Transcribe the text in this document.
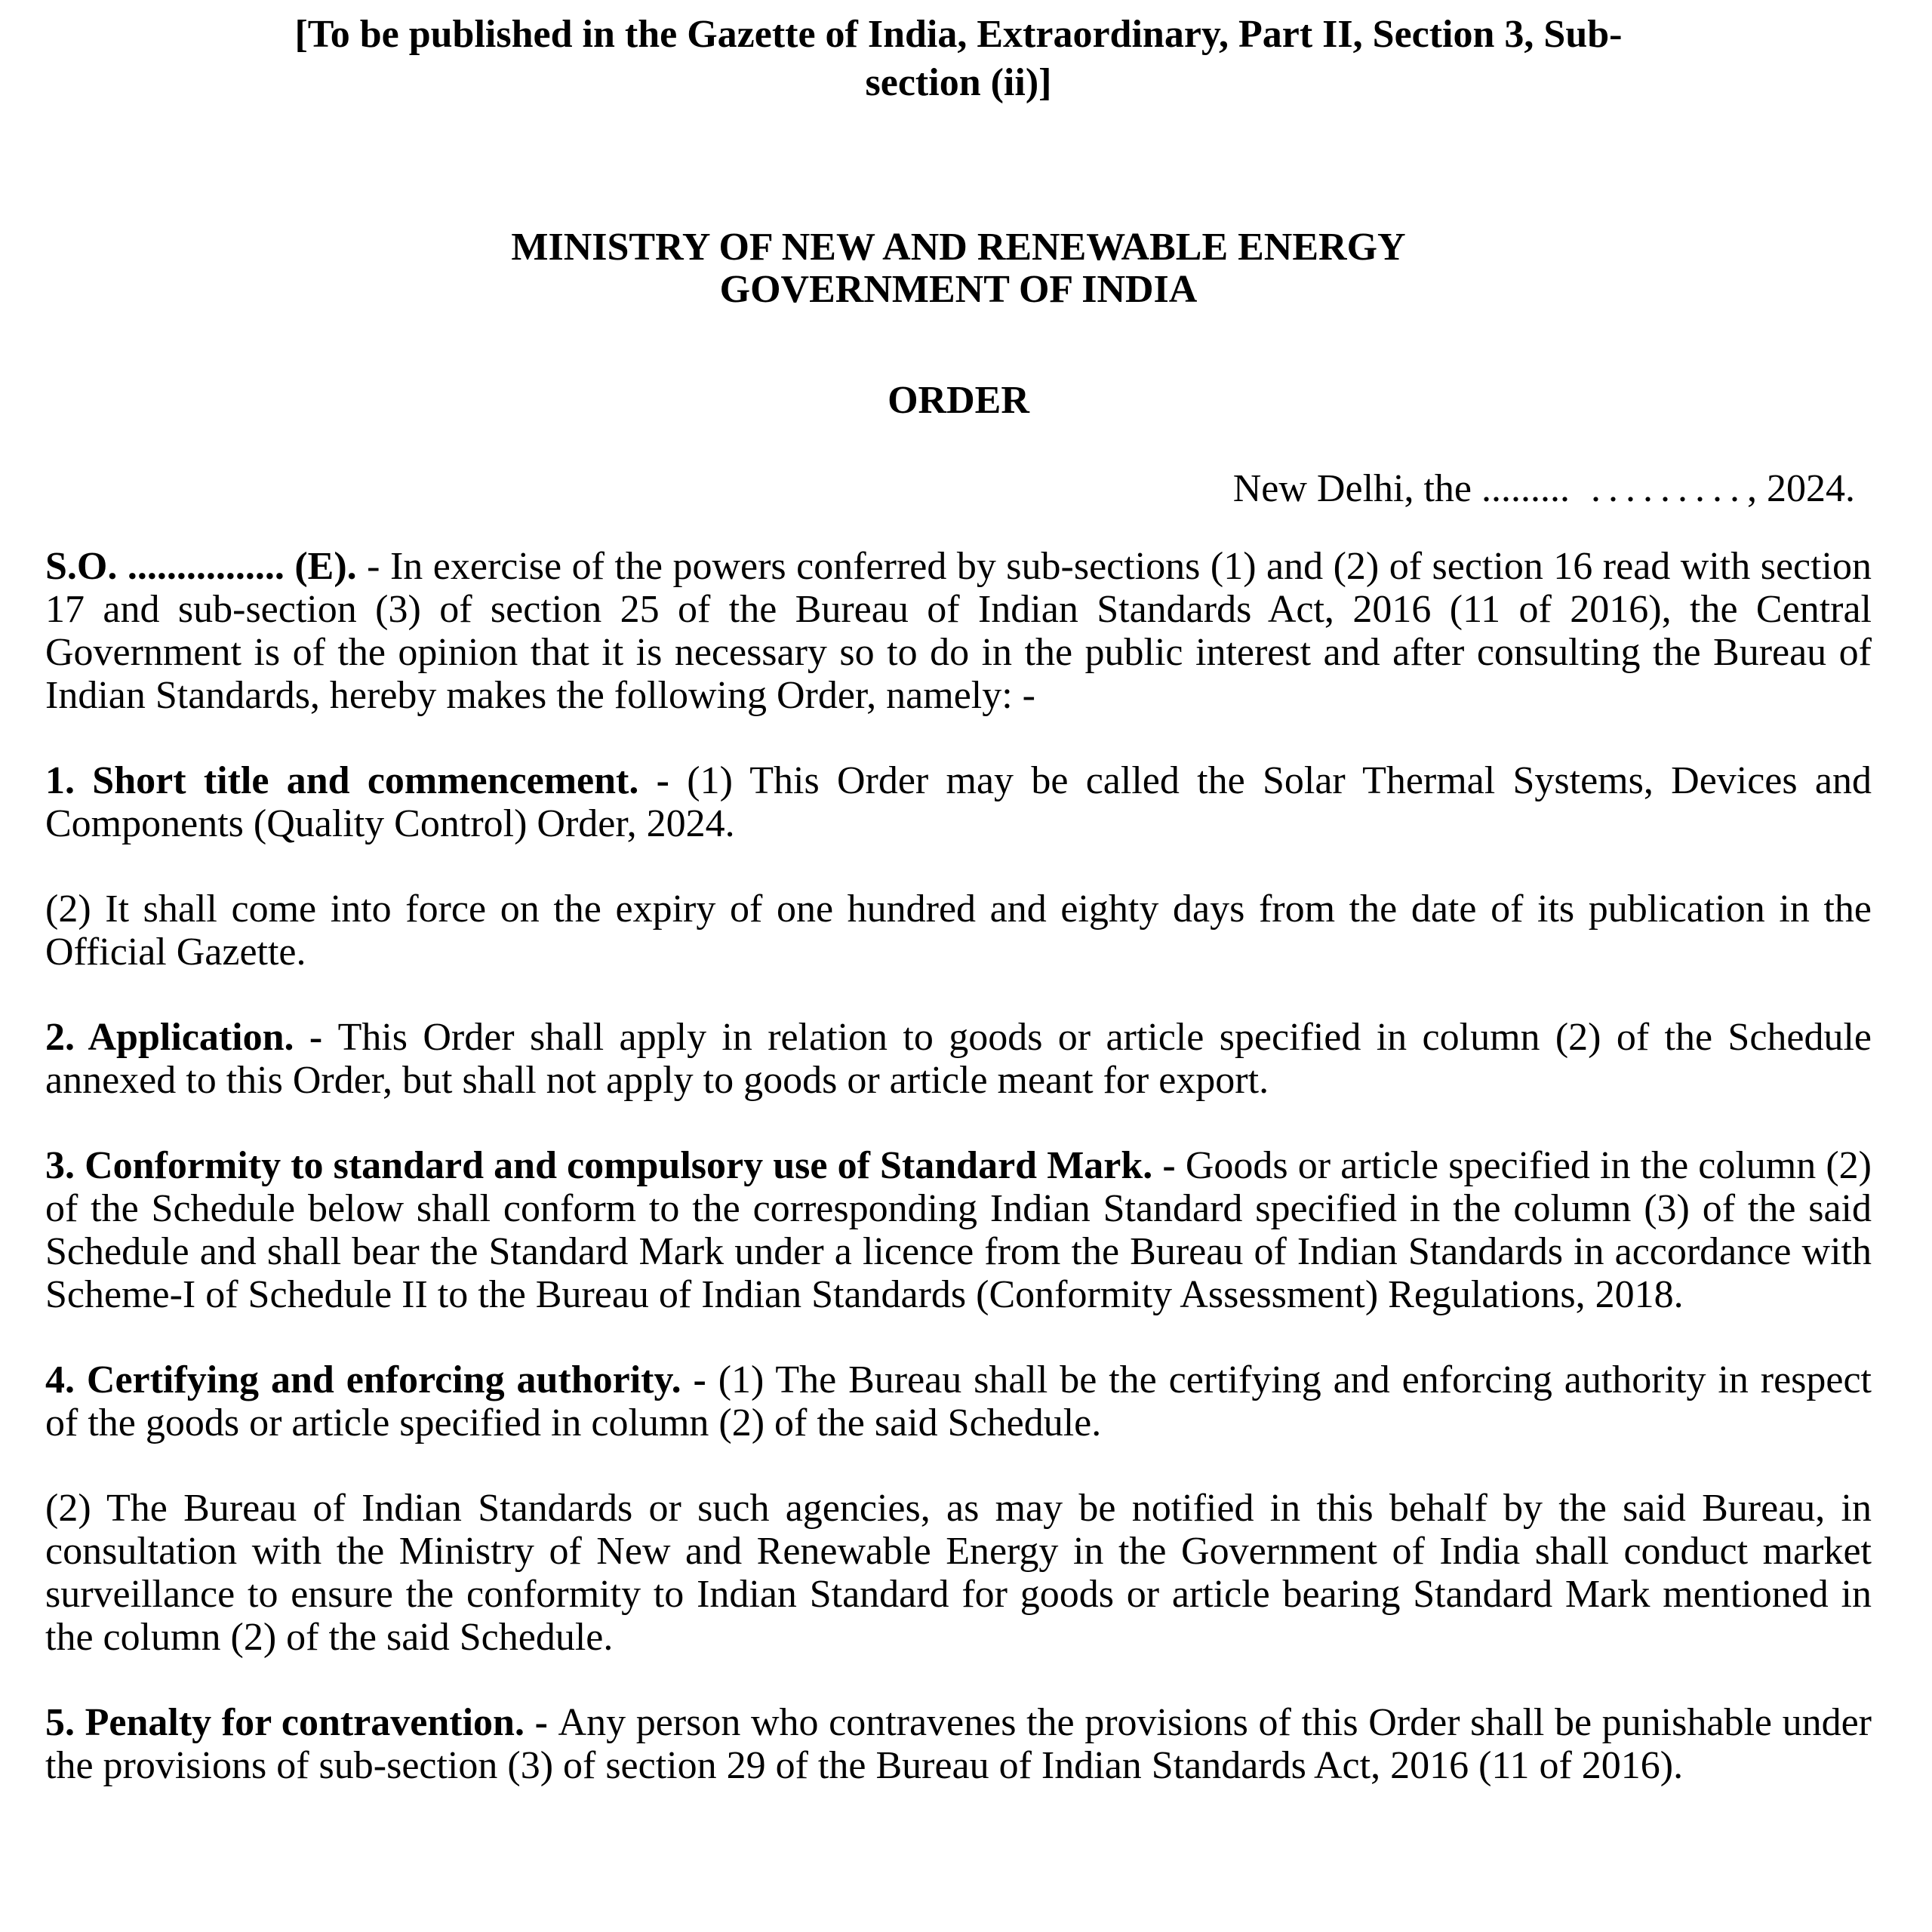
[To be published in the Gazette of India, Extraordinary, Part II, Section 3, Sub-
section (ii)]

MINISTRY OF NEW AND RENEWABLE ENERGY
GOVERNMENT OF INDIA
ORDER
New Delhi, the ......... ........., 2024.

S.O. ................ (E). - In exercise of the powers conferred by sub-sections (1) and (2) of section 16 read with section 17 and sub-section (3) of section 25 of the Bureau of Indian Standards Act, 2016 (11 of 2016), the Central Government is of the opinion that it is necessary so to do in the public interest and after consulting the Bureau of Indian Standards, hereby makes the following Order, namely: -

1. Short title and commencement. - (1) This Order may be called the Solar Thermal Systems, Devices and Components (Quality Control) Order, 2024.

(2) It shall come into force on the expiry of one hundred and eighty days from the date of its publication in the Official Gazette.

2. Application. - This Order shall apply in relation to goods or article specified in column (2) of the Schedule annexed to this Order, but shall not apply to goods or article meant for export.

3. Conformity to standard and compulsory use of Standard Mark. - Goods or article specified in the column (2) of the Schedule below shall conform to the corresponding Indian Standard specified in the column (3) of the said Schedule and shall bear the Standard Mark under a licence from the Bureau of Indian Standards in accordance with Scheme-I of Schedule II to the Bureau of Indian Standards (Conformity Assessment) Regulations, 2018.

4. Certifying and enforcing authority. - (1) The Bureau shall be the certifying and enforcing authority in respect of the goods or article specified in column (2) of the said Schedule.

(2) The Bureau of Indian Standards or such agencies, as may be notified in this behalf by the said Bureau, in consultation with the Ministry of New and Renewable Energy in the Government of India shall conduct market surveillance to ensure the conformity to Indian Standard for goods or article bearing Standard Mark mentioned in the column (2) of the said Schedule.

5. Penalty for contravention. - Any person who contravenes the provisions of this Order shall be punishable under the provisions of sub-section (3) of section 29 of the Bureau of Indian Standards Act, 2016 (11 of 2016).
